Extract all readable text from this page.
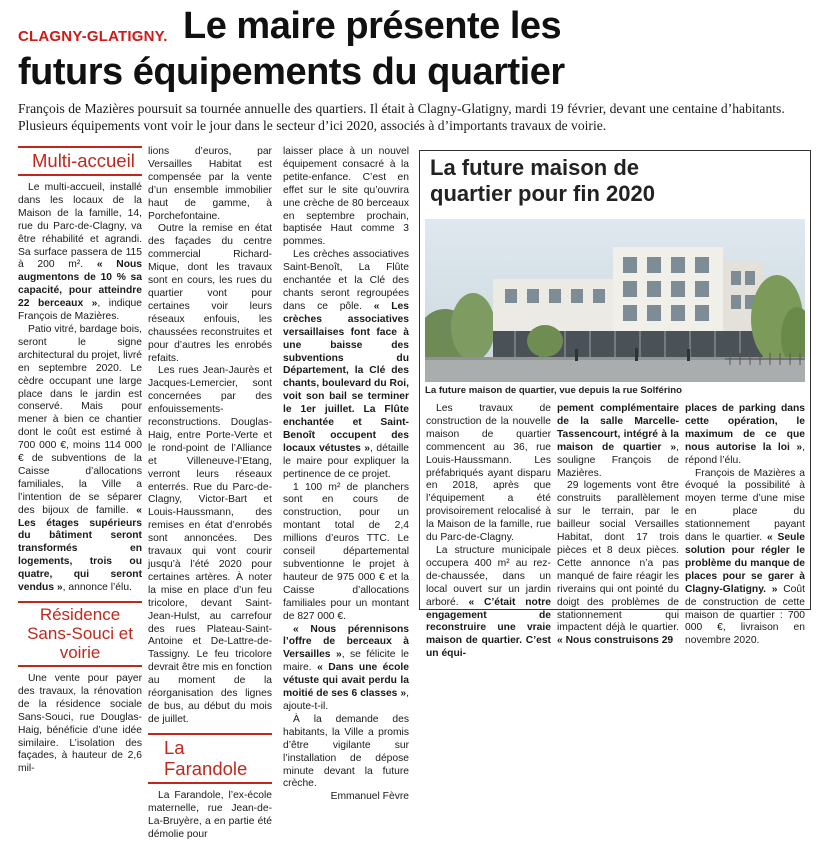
CLAGNY-GLATIGNY. Le maire présente les
futurs équipements du quartier
François de Mazières poursuit sa tournée annuelle des quartiers. Il était à Clagny-Glatigny, mardi 19 février, devant une centaine d’habitants. Plusieurs équipements vont voir le jour dans le secteur d’ici 2020, associés à d’importants travaux de voirie.
Multi-accueil

Le multi-accueil, installé dans les locaux de la Maison de la famille, 14, rue du Parc-de-Clagny, va être réhabilité et agrandi. Sa surface passera de 115 à 200 m². « Nous augmentons de 10 % sa capacité, pour atteindre 22 berceaux », indique François de Mazières.

Patio vitré, bardage bois, seront le signe architectural du projet, livré en septembre 2020. Le cèdre occupant une large place dans le jardin est conservé. Mais pour mener à bien ce chantier dont le coût est estimé à 700 000 €, moins 114 000 € de subventions de la Caisse d’allocations familiales, la Ville a l’intention de se séparer des bijoux de famille. « Les étages supérieurs du bâtiment seront transformés en logements, trois ou quatre, qui seront vendus », annonce l’élu.

Résidence Sans-Souci et voirie

Une vente pour payer des travaux, la rénovation de la résidence sociale Sans-Souci, rue Douglas-Haig, bénéficie d’une idée similaire. L’isolation des façades, à hauteur de 2,6 mil-

lions d’euros, par Versailles Habitat est compensée par la vente d’un ensemble immobilier haut de gamme, à Porchefontaine.

Outre la remise en état des façades du centre commercial Richard-Mique, dont les travaux sont en cours, les rues du quartier vont pour certaines voir leurs réseaux enfouis, les chaussées reconstruites et pour d’autres les enrobés refaits.

Les rues Jean-Jaurès et Jacques-Lemercier, sont concernées par des enfouissements-reconstructions. Douglas-Haig, entre Porte-Verte et le rond-point de l’Alliance et Villeneuve-l’Etang, verront leurs réseaux enterrés. Rue du Parc-de-Clagny, Victor-Bart et Louis-Haussmann, des remises en état d’enrobés sont annoncées. Des travaux qui vont courir jusqu’à l’été 2020 pour certaines artères. À noter la mise en place d’un feu tricolore, devant Saint-Jean-Hulst, au carrefour des rues Plateau-Saint-Antoine et De-Lattre-de-Tassigny. Le feu tricolore devrait être mis en fonction au moment de la réorganisation des lignes de bus, au début du mois de juillet.

La Farandole

La Farandole, l’ex-école maternelle, rue Jean-de-La-Bruyère, a en partie été démolie pour

laisser place à un nouvel équipement consacré à la petite-enfance. C’est en effet sur le site qu’ouvrira une crèche de 80 berceaux en septembre prochain, baptisée Haut comme 3 pommes.

Les crèches associatives Saint-Benoît, La Flûte enchantée et la Clé des chants seront regroupées dans ce pôle. « Les crèches associatives versaillaises font face à une baisse des subventions du Département, la Clé des chants, boulevard du Roi, voit son bail se terminer le 1er juillet. La Flûte enchantée et Saint-Benoît occupent des locaux vétustes », détaille le maire pour expliquer la pertinence de ce projet.

1 100 m² de planchers sont en cours de construction, pour un montant total de 2,4 millions d’euros TTC. Le conseil départemental subventionne le projet à hauteur de 975 000 € et la Caisse d’allocations familiales pour un montant de 827 000 €.

« Nous pérennisons l’offre de berceaux à Versailles », se félicite le maire. « Dans une école vétuste qui avait perdu la moitié de ses 6 classes », ajoute-t-il.

À la demande des habitants, la Ville a promis d’être vigilante sur l’installation de dépose minute devant la future crèche.

Emmanuel Fèvre
La future maison de
quartier pour fin 2020
La future maison de quartier, vue depuis la rue Solférino

Les travaux de construction de la nouvelle maison de quartier commencent au 36, rue Louis-Haussmann. Les préfabriqués ayant disparu en 2018, après que l’équipement a été provisoirement relocalisé à la Maison de la famille, rue du Parc-de-Clagny.

La structure municipale occupera 400 m² au rez-de-chaussée, dans un local ouvert sur un jardin arboré. « C’était notre engagement de reconstruire une vraie maison de quartier. C’est un équi-

pement complémentaire de la salle Marcelle-Tassencourt, intégré à la maison de quartier », souligne François de Mazières.

29 logements vont être construits parallèlement sur le terrain, par le bailleur social Versailles Habitat, dont 17 trois pièces et 8 deux pièces. Cette annonce n’a pas manqué de faire réagir les riverains qui ont pointé du doigt des problèmes de stationnement qui impactent déjà le quartier. « Nous construisons 29

places de parking dans cette opération, le maximum de ce que nous autorise la loi », répond l’élu.

François de Mazières a évoqué la possibilité à moyen terme d’une mise en place du stationnement payant dans le quartier. « Seule solution pour régler le problème du manque de places pour se garer à Clagny-Glatigny. » Coût de construction de cette maison de quartier : 700 000 €, livraison en novembre 2020.
